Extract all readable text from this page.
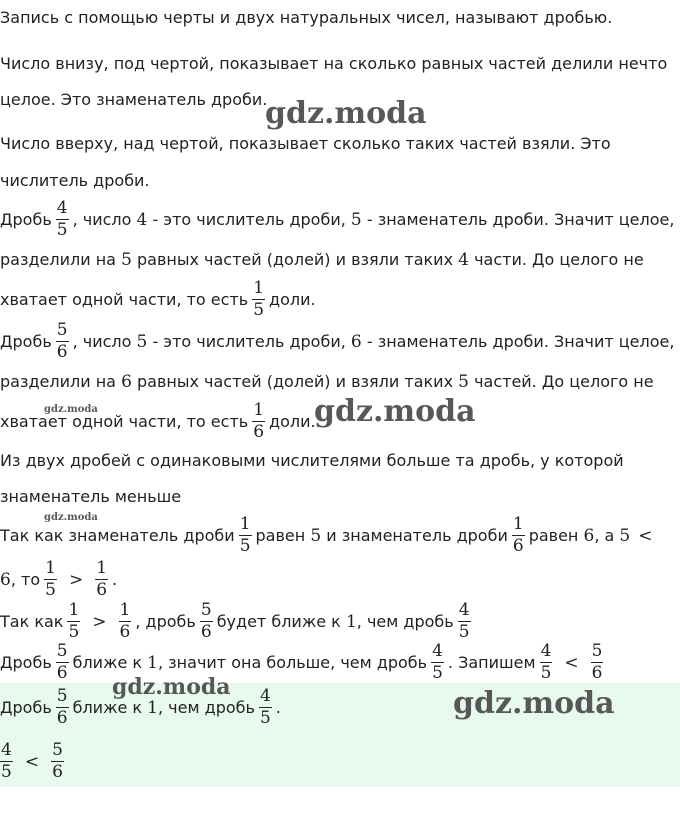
Запись с помощью черты и двух натуральных чисел, называют дробью.
Число внизу, под чертой, показывает на сколько равных частей делили нечто
целое. Это знаменатель дроби.
Число вверху, над чертой, показывает сколько таких частей взяли. Это
числитель дроби.
Дробь $\frac{4}{5}$ , число 4 - это числитель дроби, 5 - знаменатель дроби. Значит целое,
разделили на 5 равных частей (долей) и взяли таких 4 части. До целого не
хватает одной части, то есть $\frac{1}{5}$ доли.
Дробь $\frac{5}{6}$ , число 5 - это числитель дроби, 6 - знаменатель дроби. Значит целое,
разделили на 6 равных частей (долей) и взяли таких 5 частей. До целого не
хватает одной части, то есть $\frac{1}{6}$ доли.
Из двух дробей с одинаковыми числителями больше та дробь, у которой
знаменатель меньше
Так как знаменатель дроби $\frac{1}{5}$ равен 5 и знаменатель дроби $\frac{1}{6}$ равен 6, а 5 <
6, то $\frac{1}{5} > \frac{1}{6}$ .
Так как $\frac{1}{5} > \frac{1}{6}$ , дробь $\frac{5}{6}$ будет ближе к 1, чем дробь $\frac{4}{5}$
Дробь $\frac{5}{6}$ ближе к 1, значит она больше, чем дробь $\frac{4}{5}$ . Запишем $\frac{4}{5} < \frac{5}{6}$
Дробь $\frac{5}{6}$ ближе к 1, чем дробь $\frac{4}{5}$ .
$\frac{4}{5} < \frac{5}{6}$
gdz.moda
gdz.moda	gdz.moda
gdz.moda
gdz.moda	gdz.moda
